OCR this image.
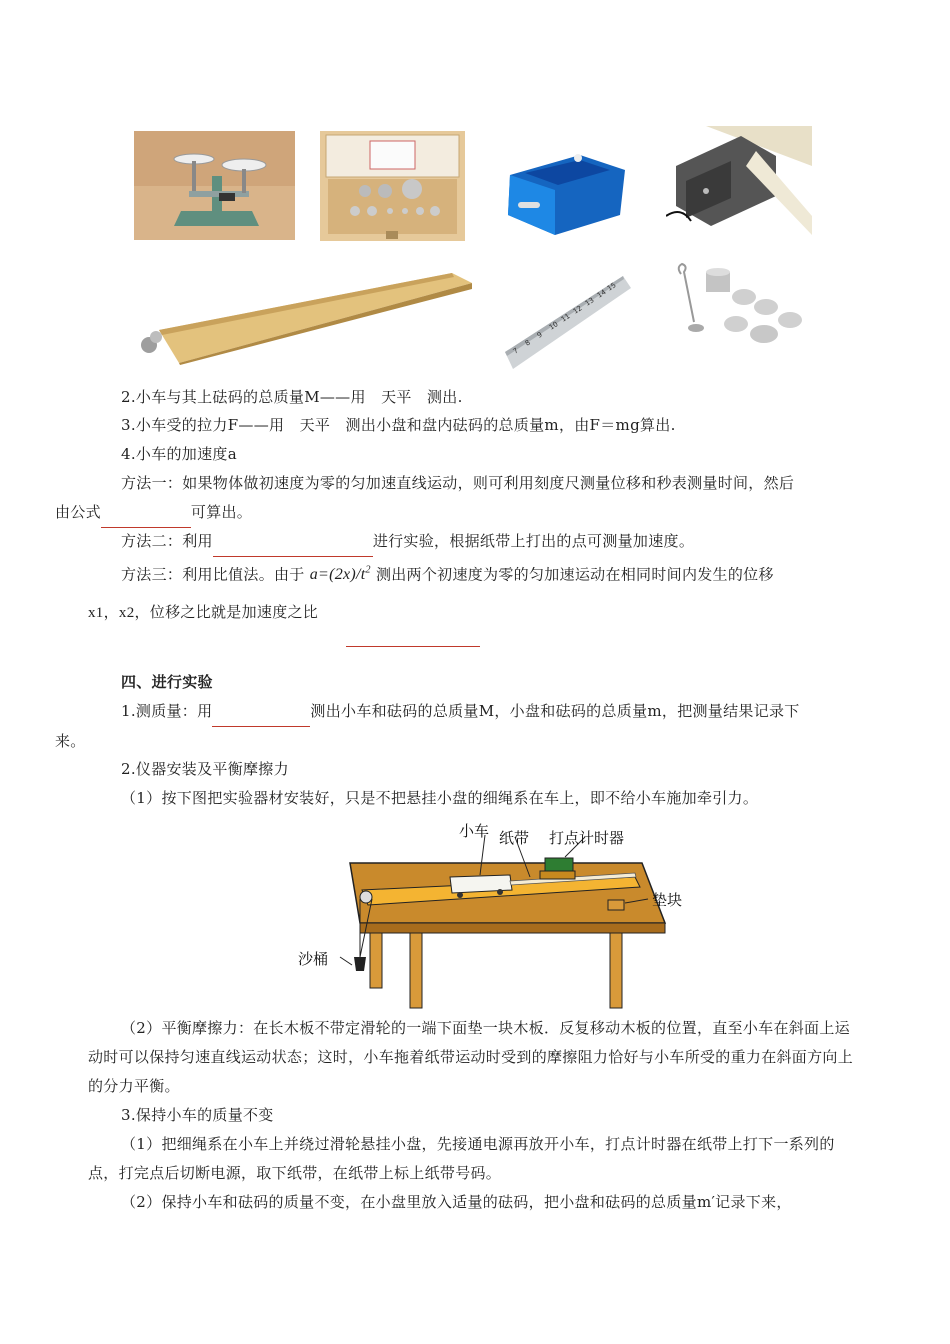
7
8
9
10
11
12
13
14
15
2.小车与其上砝码的总质量M——用　天平　测出.
3.小车受的拉力F——用　天平　测出小盘和盘内砝码的总质量m，由F＝mg算出.
4.小车的加速度a
方法一：如果物体做初速度为零的匀加速直线运动，则可利用刻度尺测量位移和秒表测量时间，然后
由公式	可算出。
方法二：利用	进行实验，根据纸带上打出的点可测量加速度。
方法三：利用比值法。由于 $a=(2x)/t^2$ 测出两个初速度为零的匀加速运动在相同时间内发生的位移
x1，x2，位移之比就是加速度之比
四、进行实验
1.测质量：用	测出小车和砝码的总质量M，小盘和砝码的总质量m，把测量结果记录下
来。
2.仪器安装及平衡摩擦力
（1）按下图把实验器材安装好，只是不把悬挂小盘的细绳系在车上，即不给小车施加牵引力。
小车 纸带 打点计时器
垫块
沙桶
（2）平衡摩擦力：在长木板不带定滑轮的一端下面垫一块木板．反复移动木板的位置，直至小车在斜面上运动时可以保持匀速直线运动状态；这时，小车拖着纸带运动时受到的摩擦阻力恰好与小车所受的重力在斜面方向上的分力平衡。
3.保持小车的质量不变
（1）把细绳系在小车上并绕过滑轮悬挂小盘，先接通电源再放开小车，打点计时器在纸带上打下一系列的点，打完点后切断电源，取下纸带，在纸带上标上纸带号码。
（2）保持小车和砝码的质量不变，在小盘里放入适量的砝码，把小盘和砝码的总质量m′记录下来，
